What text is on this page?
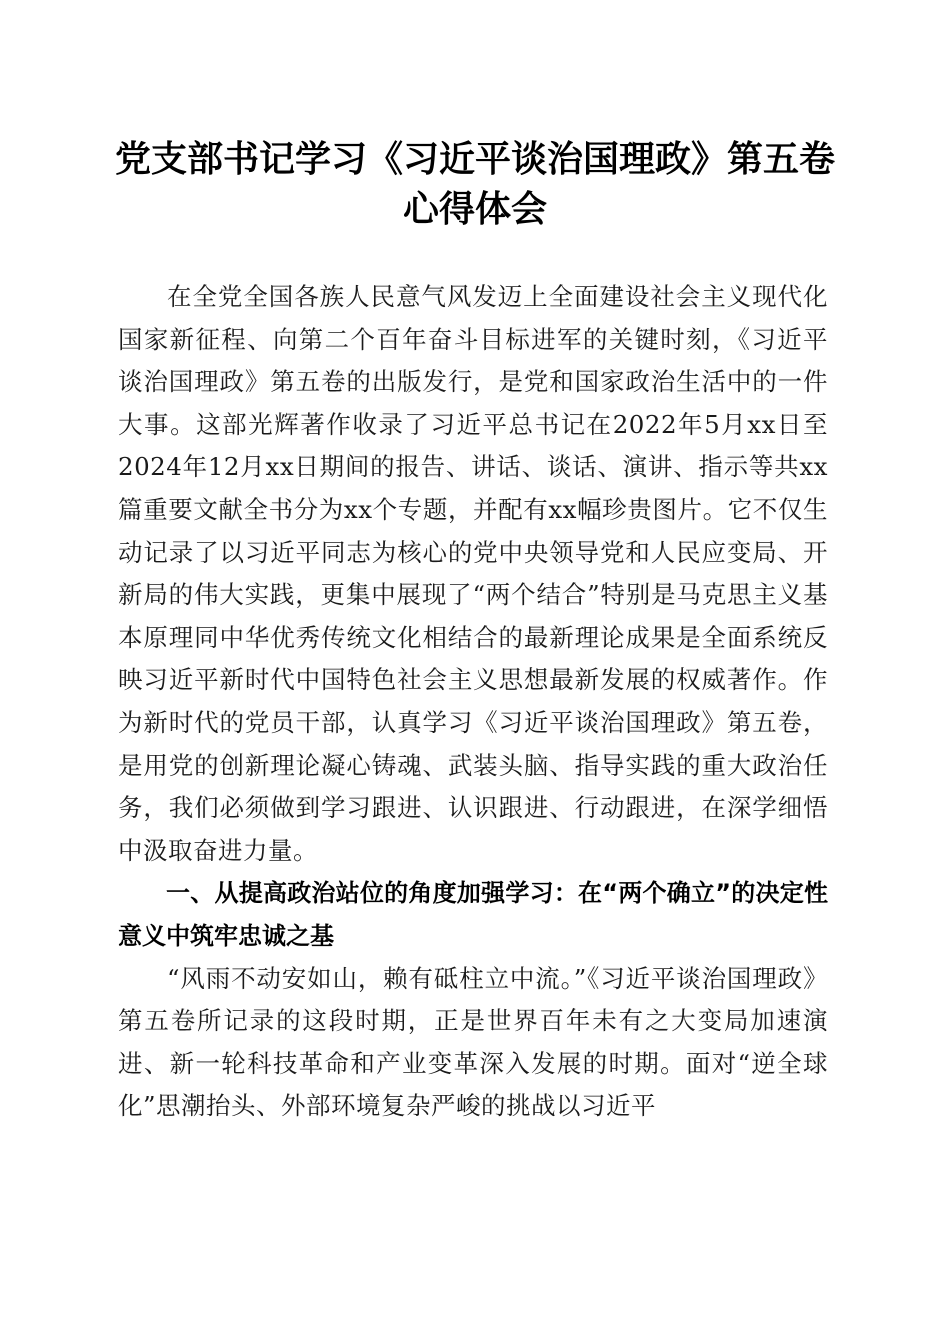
党支部书记学习《习近平谈治国理政》第五卷
心得体会

在全党全国各族人民意气风发迈上全面建设社会主义现代化国家新征程、向第二个百年奋斗目标进军的关键时刻，《习近平谈治国理政》第五卷的出版发行，是党和国家政治生活中的一件大事。这部光辉著作收录了习近平总书记在2022年5月xx日至2024年12月xx日期间的报告、讲话、谈话、演讲、指示等共xx篇重要文献全书分为xx个专题，并配有xx幅珍贵图片。它不仅生动记录了以习近平同志为核心的党中央领导党和人民应变局、开新局的伟大实践，更集中展现了“两个结合”特别是马克思主义基本原理同中华优秀传统文化相结合的最新理论成果是全面系统反映习近平新时代中国特色社会主义思想最新发展的权威著作。作为新时代的党员干部，认真学习《习近平谈治国理政》第五卷，是用党的创新理论凝心铸魂、武装头脑、指导实践的重大政治任务，我们必须做到学习跟进、认识跟进、行动跟进，在深学细悟中汲取奋进力量。

一、从提高政治站位的角度加强学习：在“两个确立”的决定性意义中筑牢忠诚之基

“风雨不动安如山，赖有砥柱立中流。”《习近平谈治国理政》第五卷所记录的这段时期，正是世界百年未有之大变局加速演进、新一轮科技革命和产业变革深入发展的时期。面对“逆全球化”思潮抬头、外部环境复杂严峻的挑战以习近平
